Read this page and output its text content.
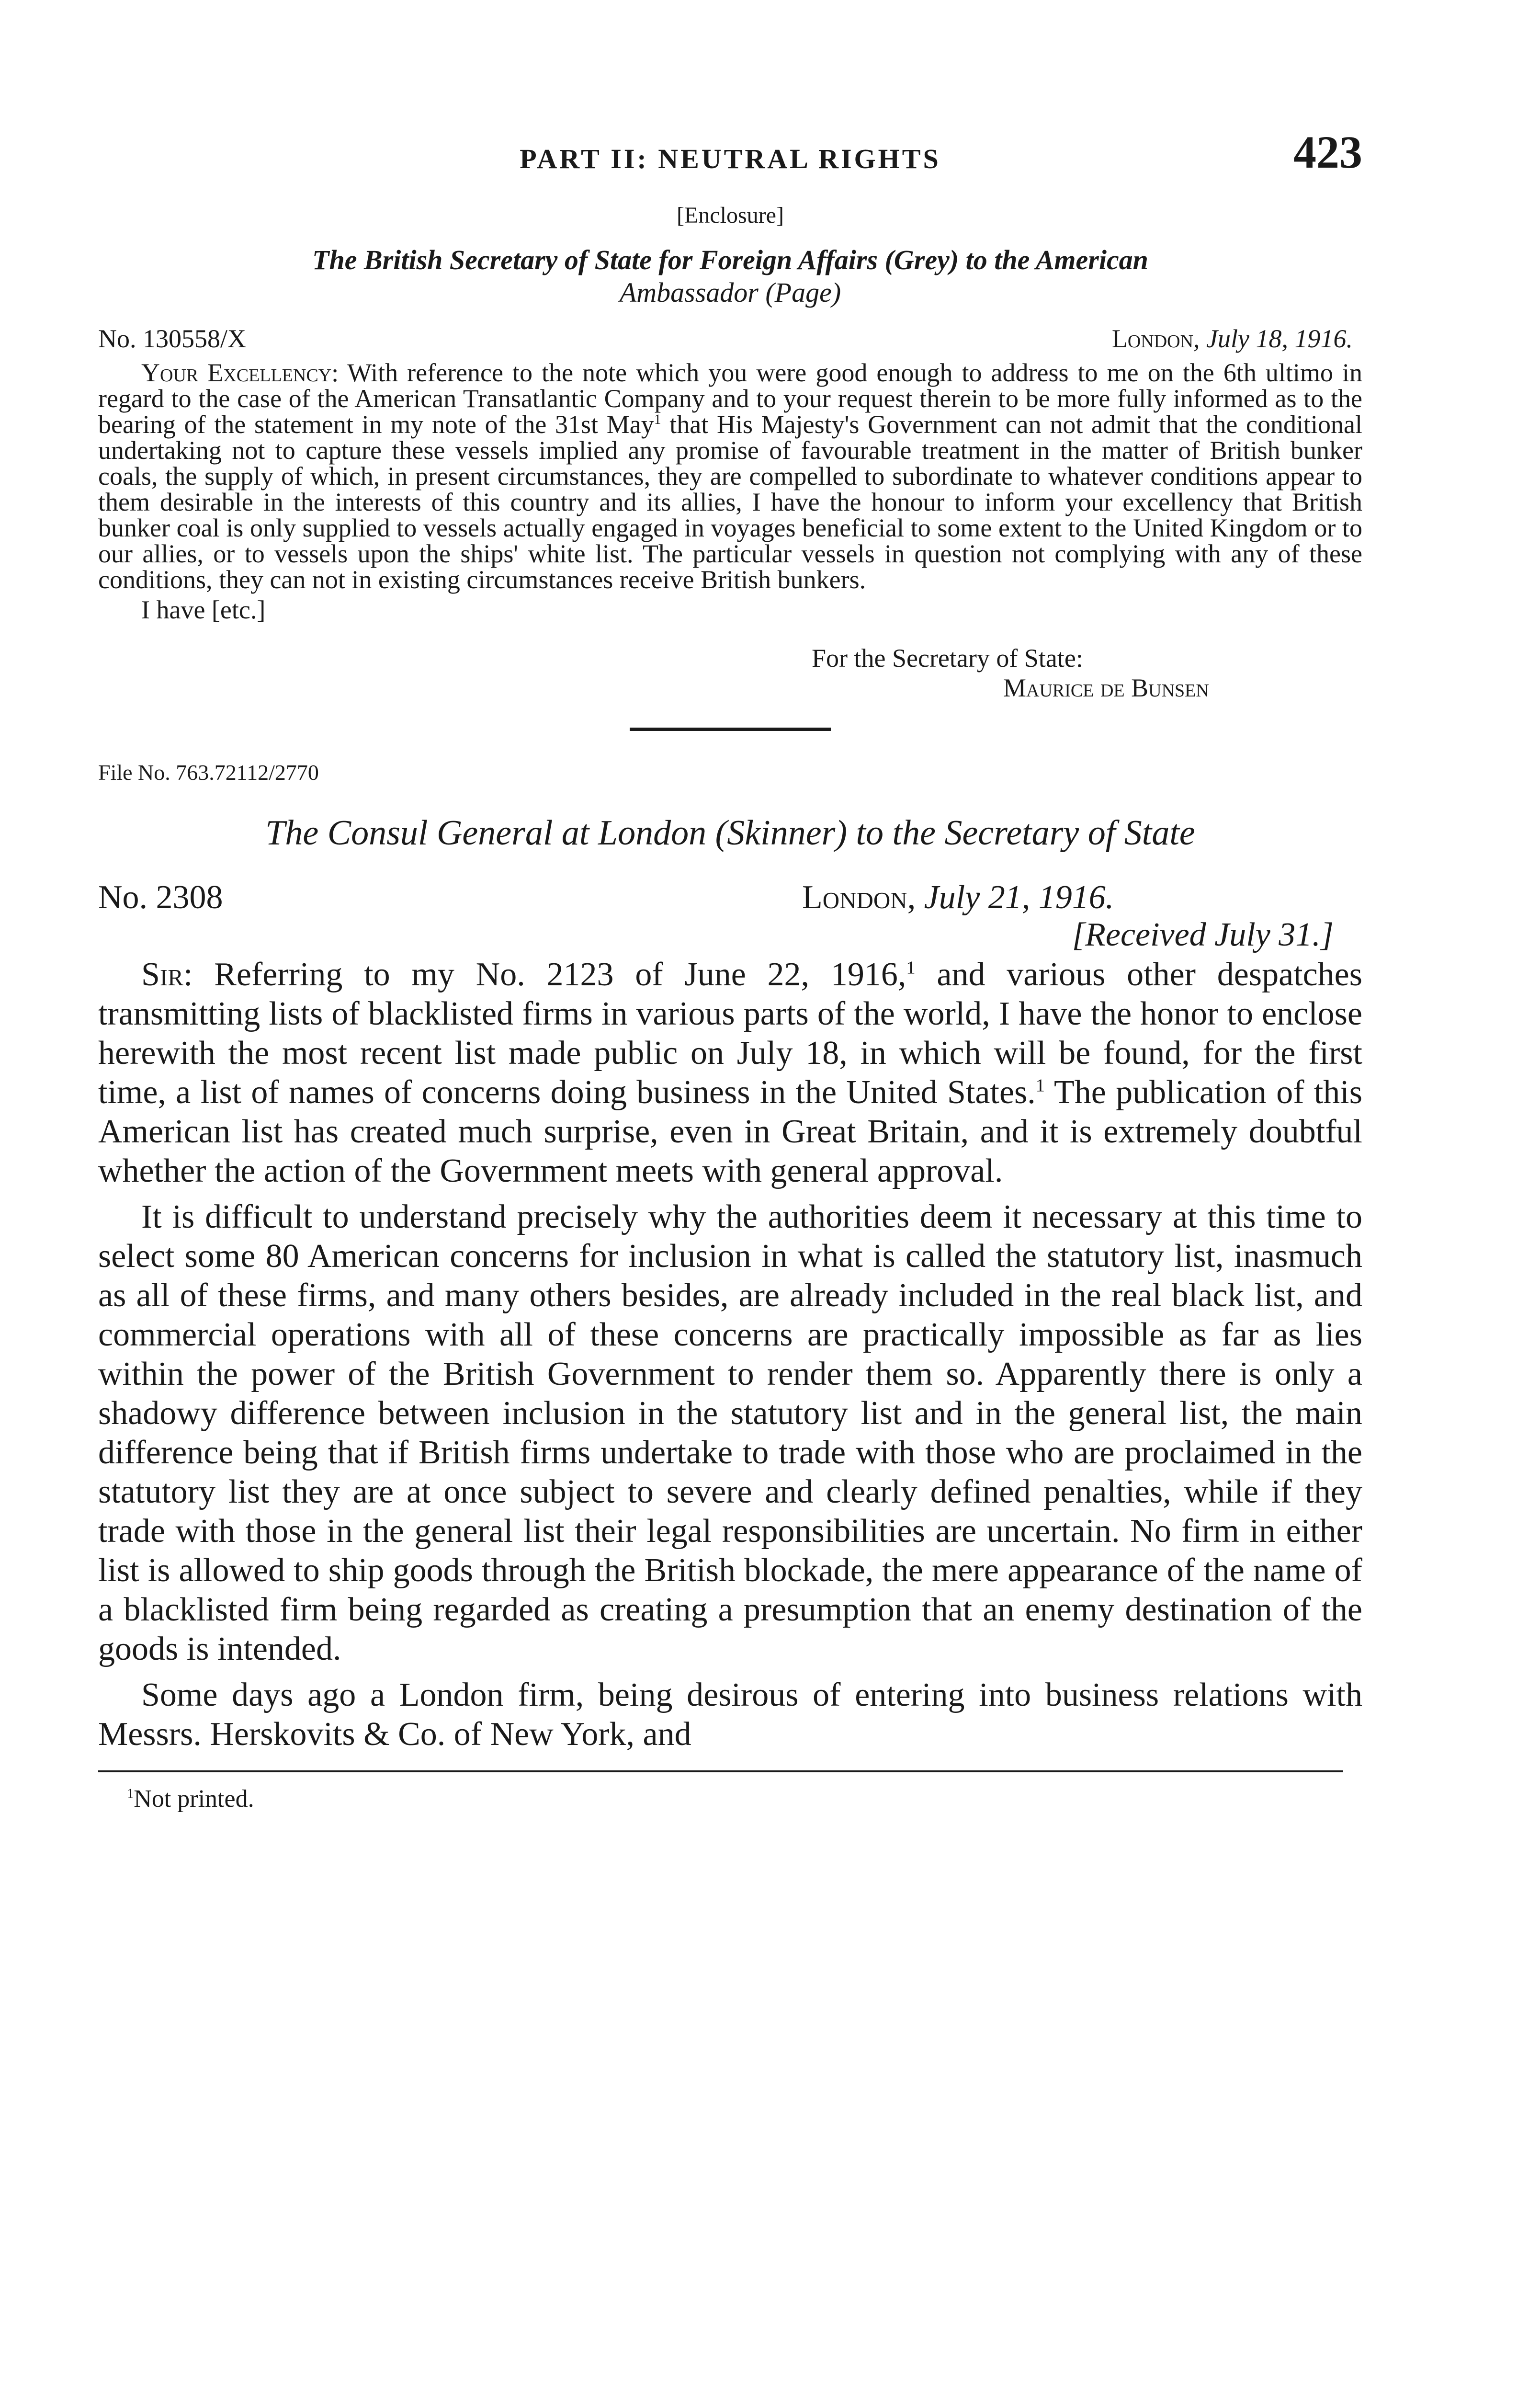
PART II: NEUTRAL RIGHTS	423
[Enclosure]
The British Secretary of State for Foreign Affairs (Grey) to the American
Ambassador (Page)
No. 130558/X	London, July 18, 1916.

Your Excellency: With reference to the note which you were good enough to address to me on the 6th ultimo in regard to the case of the American Transatlantic Company and to your request therein to be more fully informed as to the bearing of the statement in my note of the 31st May$^1$ that His Majesty's Government can not admit that the conditional undertaking not to capture these vessels implied any promise of favourable treatment in the matter of British bunker coals, the supply of which, in present circumstances, they are compelled to subordinate to whatever conditions appear to them desirable in the interests of this country and its allies, I have the honour to inform your excellency that British bunker coal is only supplied to vessels actually engaged in voyages beneficial to some extent to the United Kingdom or to our allies, or to vessels upon the ships' white list. The particular vessels in question not complying with any of these conditions, they can not in existing circumstances receive British bunkers.

I have [etc.]
For the Secretary of State:
Maurice de Bunsen
File No. 763.72112/2770
The Consul General at London (Skinner) to the Secretary of State
No. 2308	London, July 21, 1916.
[Received July 31.]

Sir: Referring to my No. 2123 of June 22, 1916,$^1$ and various other despatches transmitting lists of blacklisted firms in various parts of the world, I have the honor to enclose herewith the most recent list made public on July 18, in which will be found, for the first time, a list of names of concerns doing business in the United States.$^1$ The publication of this American list has created much surprise, even in Great Britain, and it is extremely doubtful whether the action of the Government meets with general approval.

It is difficult to understand precisely why the authorities deem it necessary at this time to select some 80 American concerns for inclusion in what is called the statutory list, inasmuch as all of these firms, and many others besides, are already included in the real black list, and commercial operations with all of these concerns are practically impossible as far as lies within the power of the British Government to render them so. Apparently there is only a shadowy difference between inclusion in the statutory list and in the general list, the main difference being that if British firms undertake to trade with those who are proclaimed in the statutory list they are at once subject to severe and clearly defined penalties, while if they trade with those in the general list their legal responsibilities are uncertain. No firm in either list is allowed to ship goods through the British blockade, the mere appearance of the name of a blacklisted firm being regarded as creating a presumption that an enemy destination of the goods is intended.

Some days ago a London firm, being desirous of entering into business relations with Messrs. Herskovits & Co. of New York, and

$^1$Not printed.
